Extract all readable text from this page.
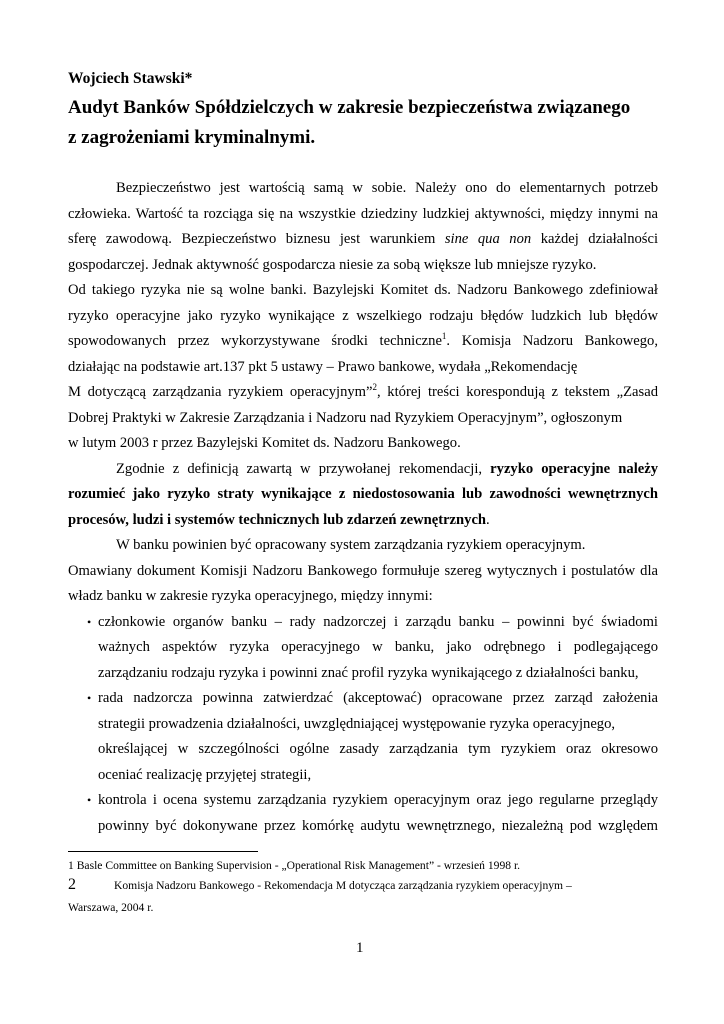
Wojciech Stawski*
Audyt Banków Spółdzielczych w zakresie bezpieczeństwa związanego
z zagrożeniami kryminalnymi.
Bezpieczeństwo jest wartością samą w sobie. Należy ono do elementarnych potrzeb
człowieka. Wartość ta rozciąga się na wszystkie dziedziny ludzkiej aktywności, między innymi na
sferę zawodową. Bezpieczeństwo biznesu jest warunkiem sine qua non każdej działalności
gospodarczej. Jednak aktywność gospodarcza niesie za sobą większe lub mniejsze ryzyko.
Od takiego ryzyka nie są wolne banki. Bazylejski Komitet ds. Nadzoru Bankowego zdefiniował
ryzyko operacyjne jako ryzyko wynikające z wszelkiego rodzaju błędów ludzkich lub błędów
spowodowanych przez wykorzystywane środki techniczne$^1$. Komisja Nadzoru Bankowego,
działając na podstawie art.137 pkt 5 ustawy – Prawo bankowe, wydała „Rekomendację
M dotyczącą zarządzania ryzykiem operacyjnym”$^2$, której treści korespondują z tekstem „Zasad
Dobrej Praktyki w Zakresie Zarządzania i Nadzoru nad Ryzykiem Operacyjnym”, ogłoszonym
w lutym 2003 r przez Bazylejski Komitet ds. Nadzoru Bankowego.
Zgodnie z definicją zawartą w przywołanej rekomendacji, ryzyko operacyjne należy
rozumieć jako ryzyko straty wynikające z niedostosowania lub zawodności wewnętrznych
procesów, ludzi i systemów technicznych lub zdarzeń zewnętrznych.
W banku powinien być opracowany system zarządzania ryzykiem operacyjnym.
Omawiany dokument Komisji Nadzoru Bankowego formułuje szereg wytycznych i postulatów dla
władz banku w zakresie ryzyka operacyjnego, między innymi:
• członkowie organów banku – rady nadzorczej i zarządu banku – powinni być świadomi
ważnych aspektów ryzyka operacyjnego w banku, jako odrębnego i podlegającego
zarządzaniu rodzaju ryzyka i powinni znać profil ryzyka wynikającego z działalności banku,
• rada nadzorcza powinna zatwierdzać (akceptować) opracowane przez zarząd założenia
strategii prowadzenia działalności, uwzględniającej występowanie ryzyka operacyjnego,
określającej w szczególności ogólne zasady zarządzania tym ryzykiem oraz okresowo
oceniać realizację przyjętej strategii,
• kontrola i ocena systemu zarządzania ryzykiem operacyjnym oraz jego regularne przeglądy
powinny być dokonywane przez komórkę audytu wewnętrznego, niezależną pod względem
1 Basle Committee on Banking Supervision - „Operational Risk Management” - wrzesień 1998 r.
2	Komisja Nadzoru Bankowego - Rekomendacja M dotycząca zarządzania ryzykiem operacyjnym –
Warszawa, 2004 r.
1
